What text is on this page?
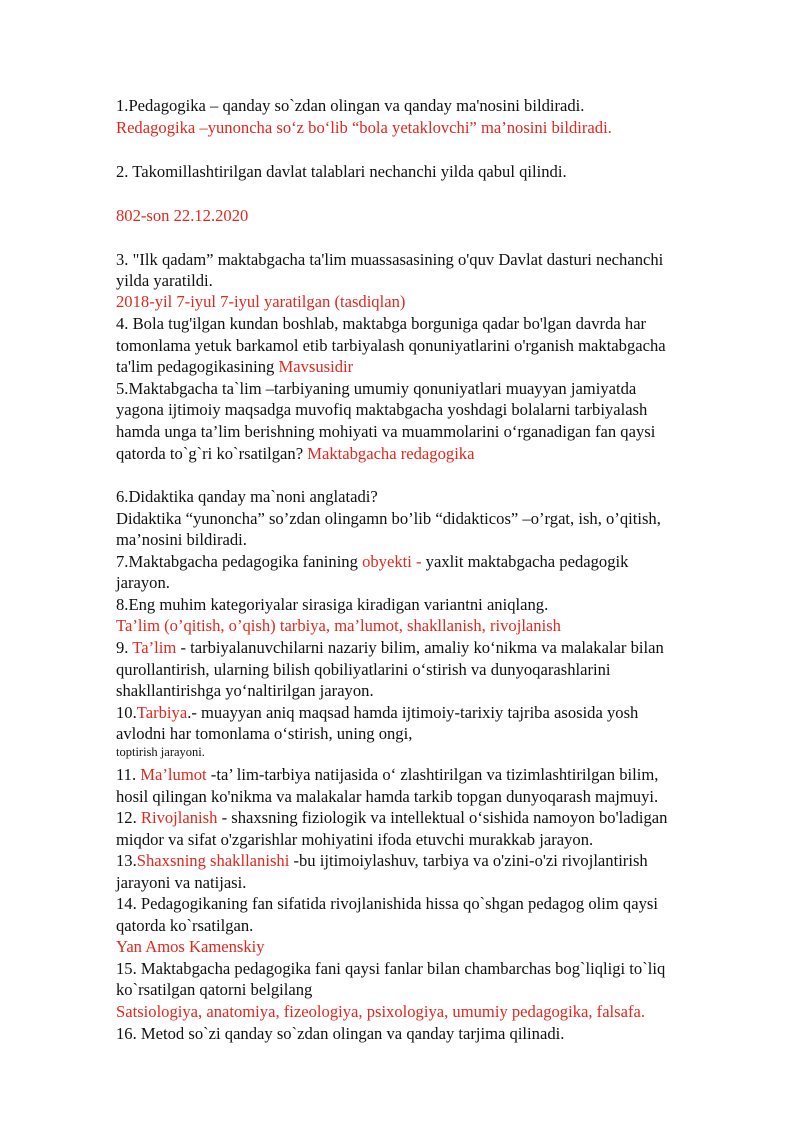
1.Pedagogika – qanday so`zdan olingan va qanday ma'nosini bildiradi.
Redagogika –yunoncha so‘z bo‘lib “bola yetaklovchi” ma’nosini bildiradi.
2. Takomillashtirilgan davlat talablari nechanchi yilda qabul qilindi.
802-son 22.12.2020
3. "Ilk qadam” maktabgacha ta'lim muassasasining o'quv Davlat dasturi nechanchi
yilda yaratildi.
2018-yil 7-iyul 7-iyul yaratilgan (tasdiqlan)
4. Bola tug'ilgan kundan boshlab, maktabga borguniga qadar bo'lgan davrda har
tomonlama yetuk barkamol etib tarbiyalash qonuniyatlarini o'rganish maktabgacha
ta'lim pedagogikasining Mavsusidir
5.Maktabgacha ta`lim –tarbiyaning umumiy qonuniyatlari muayyan jamiyatda
yagona ijtimoiy maqsadga muvofiq maktabgacha yoshdagi bolalarni tarbiyalash
hamda unga ta’lim berishning mohiyati va muammolarini o‘rganadigan fan qaysi
qatorda to`g`ri ko`rsatilgan? Maktabgacha redagogika
6.Didaktika qanday ma`noni anglatadi?
Didaktika “yunoncha” so’zdan olingamn bo’lib “didakticos” –o’rgat, ish, o’qitish,
ma’nosini bildiradi.
7.Maktabgacha pedagogika fanining obyekti - yaxlit maktabgacha pedagogik
jarayon.
8.Eng muhim kategoriyalar sirasiga kiradigan variantni aniqlang.
Ta’lim (o’qitish, o’qish) tarbiya, ma’lumot, shakllanish, rivojlanish
9. Ta’lim - tarbiyalanuvchilarni nazariy bilim, amaliy ko‘nikma va malakalar bilan
qurollantirish, ularning bilish qobiliyatlarini o‘stirish va dunyoqarashlarini
shakllantirishga yo‘naltirilgan jarayon.
10.Tarbiya.- muayyan aniq maqsad hamda ijtimoiy-tarixiy tajriba asosida yosh
avlodni har tomonlama o‘stirish, uning ongi,
toptirish jarayoni.
11. Ma’lumot -ta’ lim-tarbiya natijasida o‘ zlashtirilgan va tizimlashtirilgan bilim,
hosil qilingan ko'nikma va malakalar hamda tarkib topgan dunyoqarash majmuyi.
12. Rivojlanish - shaxsning fiziologik va intellektual o‘sishida namoyon bo'ladigan
miqdor va sifat o'zgarishlar mohiyatini ifoda etuvchi murakkab jarayon.
13.Shaxsning shakllanishi -bu ijtimoiylashuv, tarbiya va o'zini-o'zi rivojlantirish
jarayoni va natijasi.
14. Pedagogikaning fan sifatida rivojlanishida hissa qo`shgan pedagog olim qaysi
qatorda ko`rsatilgan.
Yan Amos Kamenskiy
15. Maktabgacha pedagogika fani qaysi fanlar bilan chambarchas bog`liqligi to`liq
ko`rsatilgan qatorni belgilang
Satsiologiya, anatomiya, fizeologiya, psixologiya, umumiy pedagogika, falsafa.
16. Metod so`zi qanday so`zdan olingan va qanday tarjima qilinadi.
